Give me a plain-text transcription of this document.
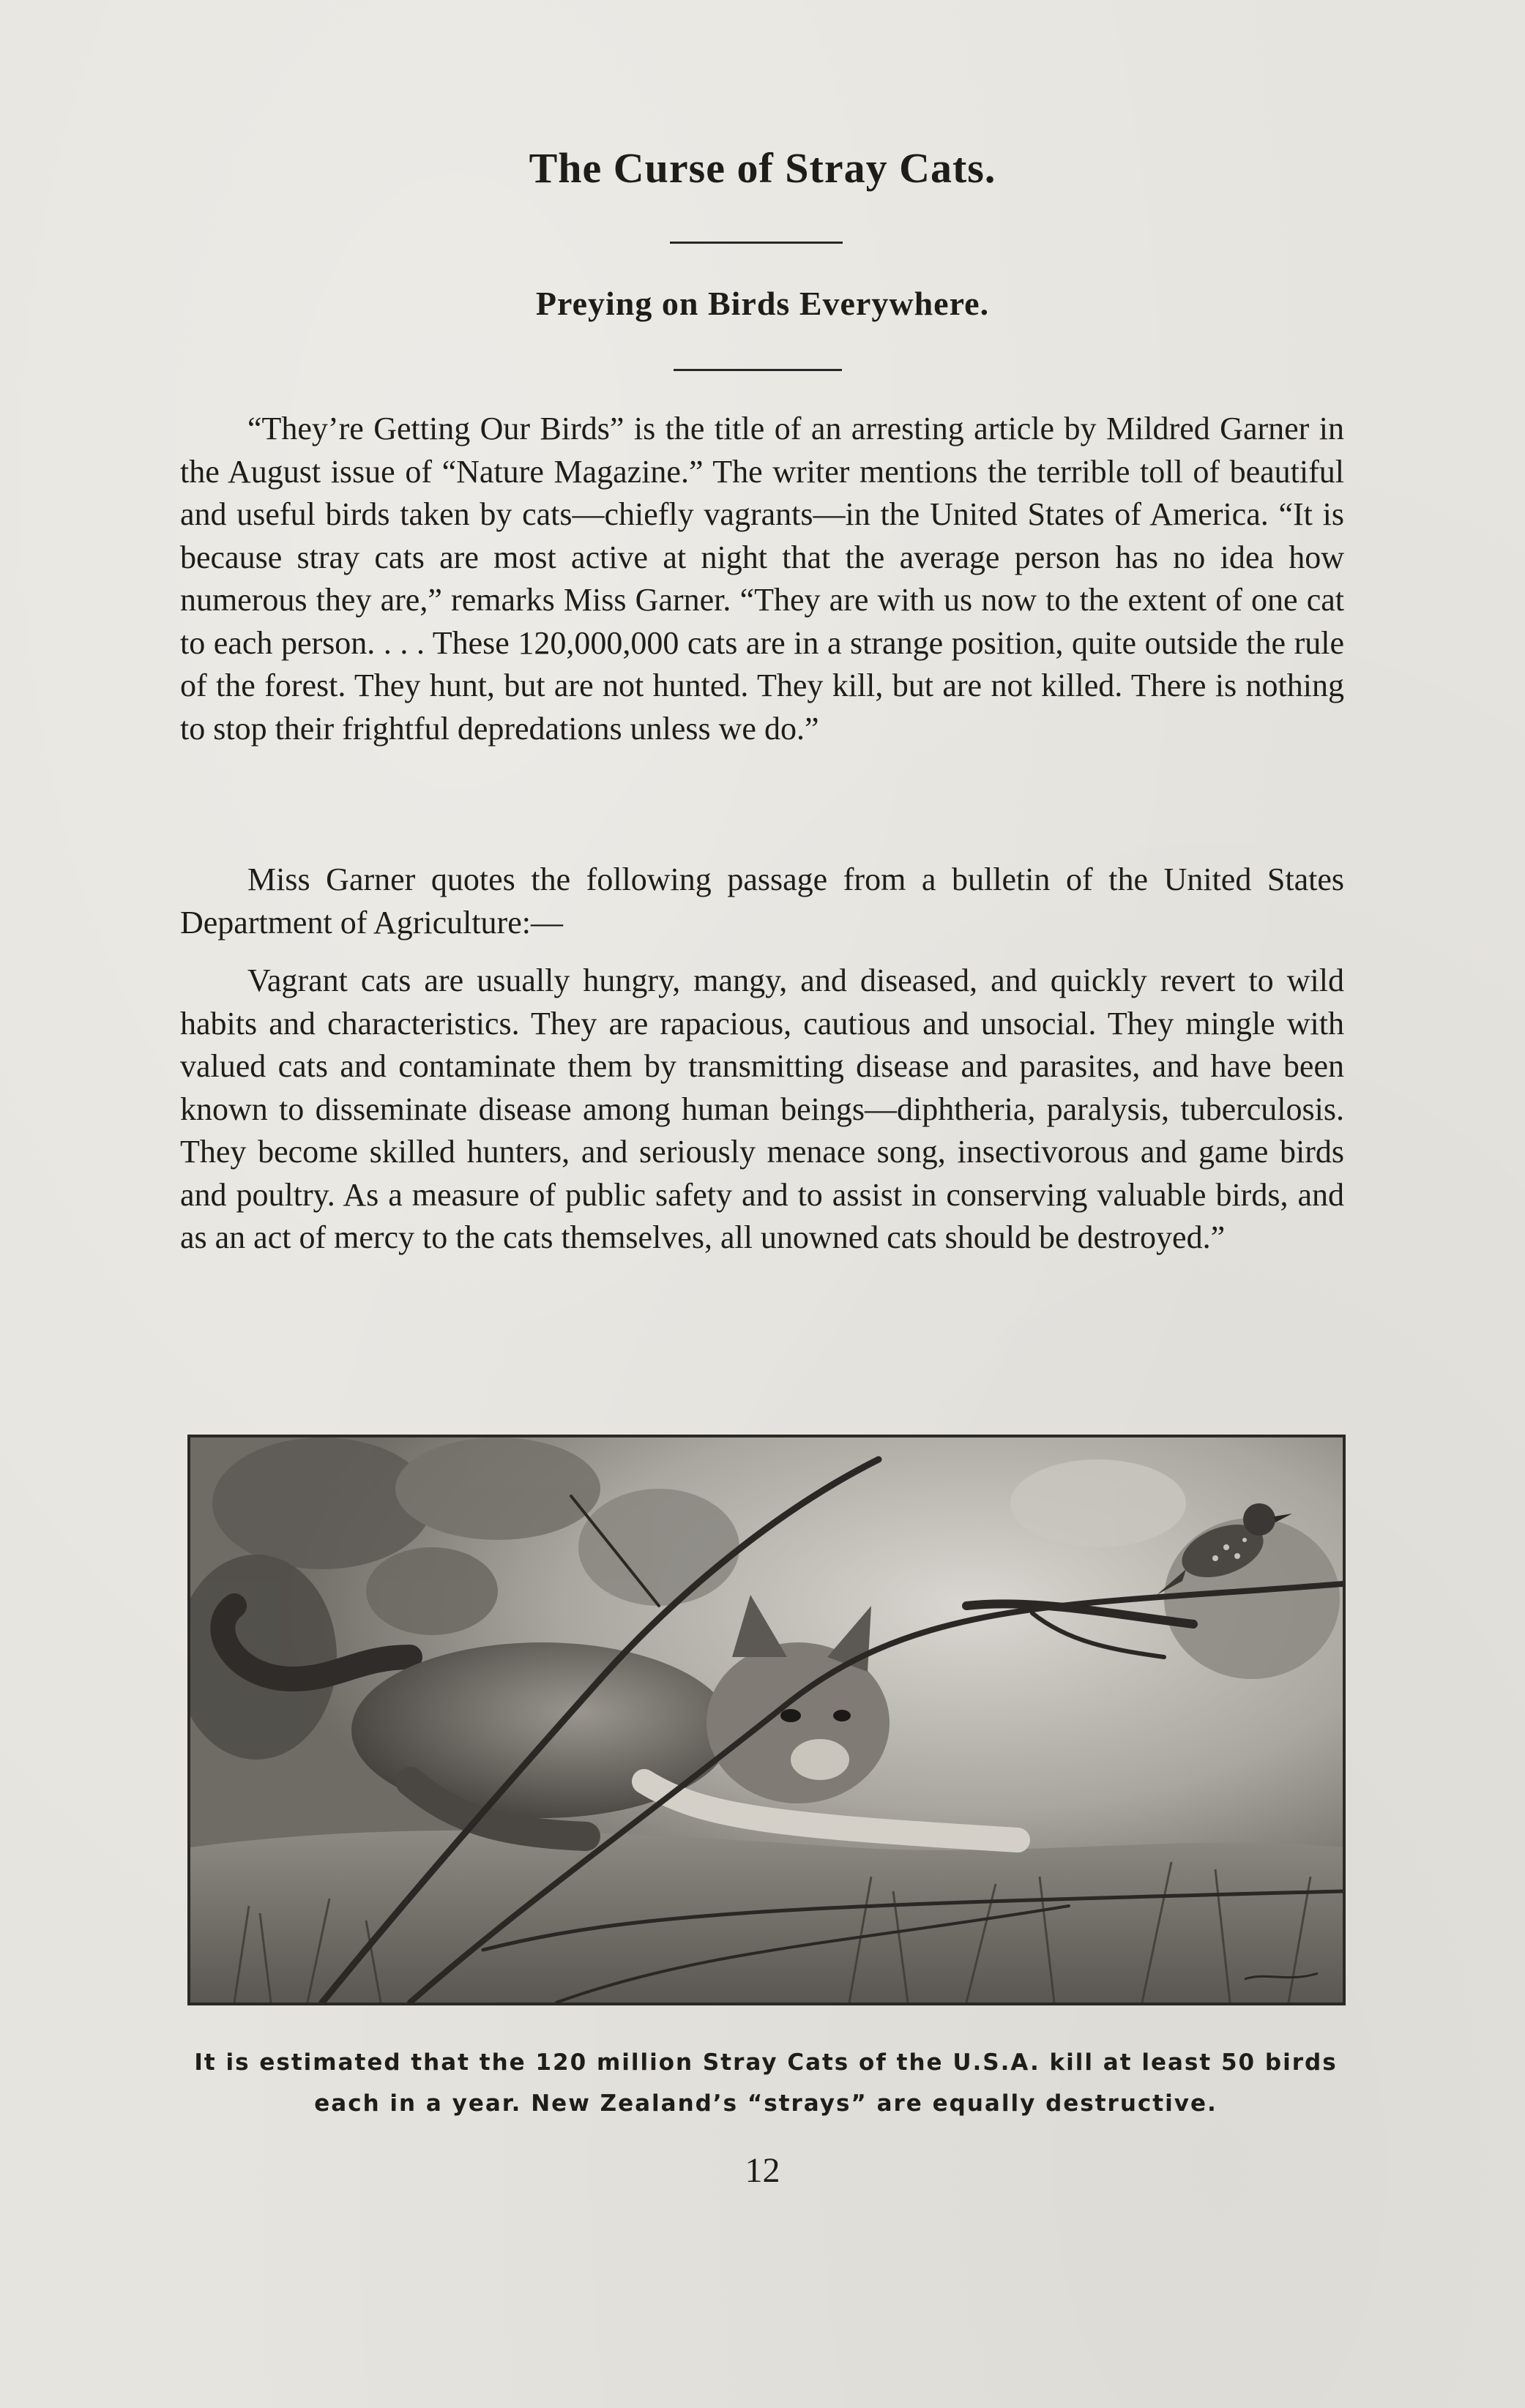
The Curse of Stray Cats.
Preying on Birds Everywhere.

“They’re Getting Our Birds” is the title of an arresting article by Mildred Garner in the August issue of “Nature Magazine.” The writer mentions the terrible toll of beautiful and useful birds taken by cats—chiefly vagrants—in the United States of America. “It is because stray cats are most active at night that the average person has no idea how numerous they are,” remarks Miss Garner. “They are with us now to the extent of one cat to each person. . . . These 120,000,000 cats are in a strange position, quite outside the rule of the forest. They hunt, but are not hunted. They kill, but are not killed. There is nothing to stop their frightful depredations unless we do.”

Miss Garner quotes the following passage from a bulletin of the United States Department of Agriculture:—

Vagrant cats are usually hungry, mangy, and diseased, and quickly revert to wild habits and characteristics. They are rapacious, cautious and unsocial. They mingle with valued cats and contaminate them by transmitting disease and parasites, and have been known to disseminate disease among human beings—diphtheria, paralysis, tuberculosis. They become skilled hunters, and seriously menace song, insectivorous and game birds and poultry. As a measure of public safety and to assist in conserving valuable birds, and as an act of mercy to the cats themselves, all unowned cats should be destroyed.”

It is estimated that the 120 million Stray Cats of the U.S.A. kill at least 50 birds each in a year. New Zealand’s “strays” are equally destructive.

12
